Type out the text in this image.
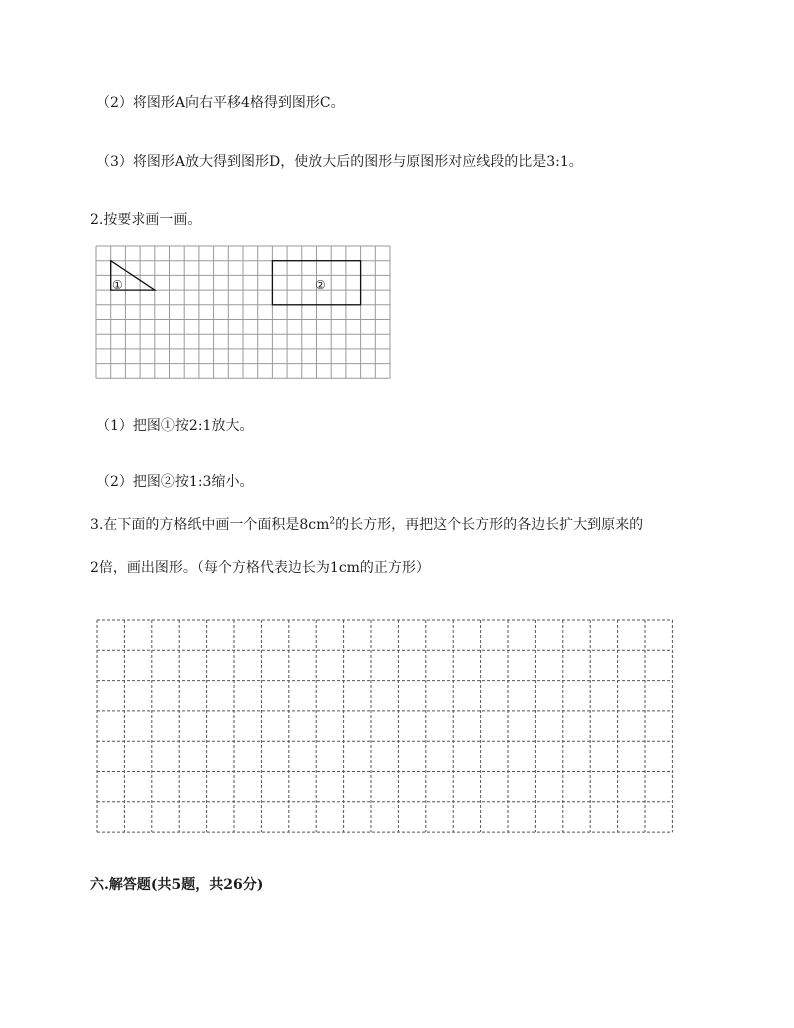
（2）将图形A向右平移4格得到图形C。
（3）将图形A放大得到图形D，使放大后的图形与原图形对应线段的比是3:1。
2.按要求画一画。
①	②
（1）把图①按2:1放大。
（2）把图②按1:3缩小。
3.在下面的方格纸中画一个面积是$8cm^2$的长方形，再把这个长方形的各边长扩大到原来的
2倍，画出图形。（每个方格代表边长为1cm的正方形）
六.解答题(共5题，共26分)
